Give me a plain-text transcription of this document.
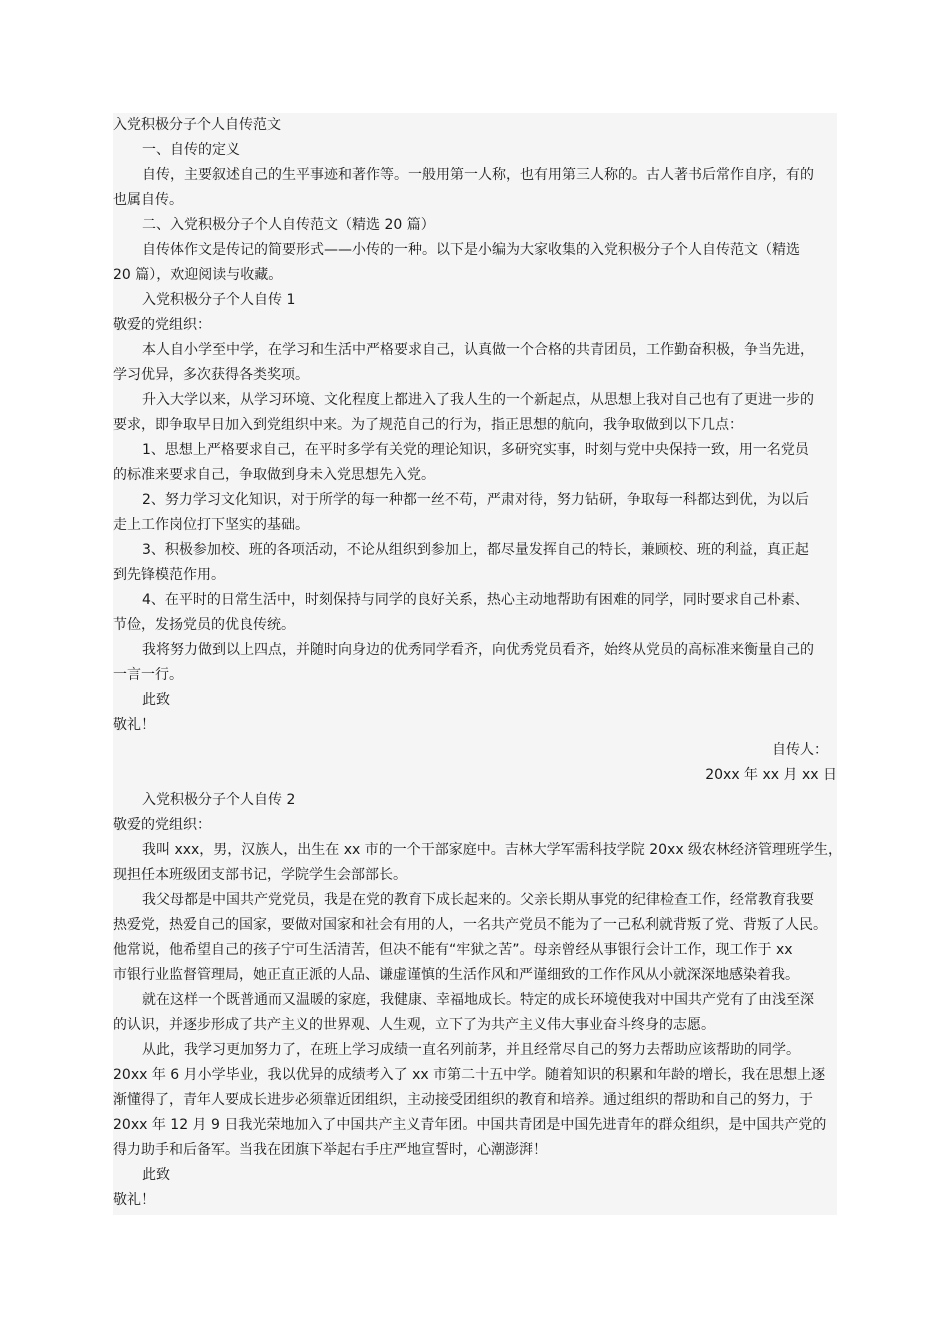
入党积极分子个人自传范文
一、自传的定义
自传，主要叙述自己的生平事迹和著作等。一般用第一人称，也有用第三人称的。古人著书后常作自序，有的
也属自传。
二、入党积极分子个人自传范文（精选 20 篇）
自传体作文是传记的简要形式——小传的一种。以下是小编为大家收集的入党积极分子个人自传范文（精选
20 篇），欢迎阅读与收藏。
入党积极分子个人自传 1
敬爱的党组织：
本人自小学至中学，在学习和生活中严格要求自己，认真做一个合格的共青团员，工作勤奋积极，争当先进，
学习优异，多次获得各类奖项。
升入大学以来，从学习环境、文化程度上都进入了我人生的一个新起点，从思想上我对自己也有了更进一步的
要求，即争取早日加入到党组织中来。为了规范自己的行为，指正思想的航向，我争取做到以下几点：
1、思想上严格要求自己，在平时多学有关党的理论知识，多研究实事，时刻与党中央保持一致，用一名党员
的标准来要求自己，争取做到身未入党思想先入党。
2、努力学习文化知识，对于所学的每一种都一丝不苟，严肃对待，努力钻研，争取每一科都达到优，为以后
走上工作岗位打下坚实的基础。
3、积极参加校、班的各项活动，不论从组织到参加上，都尽量发挥自己的特长，兼顾校、班的利益，真正起
到先锋模范作用。
4、在平时的日常生活中，时刻保持与同学的良好关系，热心主动地帮助有困难的同学，同时要求自己朴素、
节俭，发扬党员的优良传统。
我将努力做到以上四点，并随时向身边的优秀同学看齐，向优秀党员看齐，始终从党员的高标准来衡量自己的
一言一行。
此致
敬礼！
自传人：
20xx 年 xx 月 xx 日
入党积极分子个人自传 2
敬爱的党组织：
我叫 xxx，男，汉族人，出生在 xx 市的一个干部家庭中。吉林大学军需科技学院 20xx 级农林经济管理班学生，
现担任本班级团支部书记，学院学生会部部长。
我父母都是中国共产党党员，我是在党的教育下成长起来的。父亲长期从事党的纪律检查工作，经常教育我要
热爱党，热爱自己的国家，要做对国家和社会有用的人，一名共产党员不能为了一己私利就背叛了党、背叛了人民。
他常说，他希望自己的孩子宁可生活清苦，但决不能有“牢狱之苦”。母亲曾经从事银行会计工作，现工作于 xx
市银行业监督管理局，她正直正派的人品、谦虚谨慎的生活作风和严谨细致的工作作风从小就深深地感染着我。
就在这样一个既普通而又温暖的家庭，我健康、幸福地成长。特定的成长环境使我对中国共产党有了由浅至深
的认识，并逐步形成了共产主义的世界观、人生观，立下了为共产主义伟大事业奋斗终身的志愿。
从此，我学习更加努力了，在班上学习成绩一直名列前茅，并且经常尽自己的努力去帮助应该帮助的同学。
20xx 年 6 月小学毕业，我以优异的成绩考入了 xx 市第二十五中学。随着知识的积累和年龄的增长，我在思想上逐
渐懂得了，青年人要成长进步必须靠近团组织，主动接受团组织的教育和培养。通过组织的帮助和自己的努力，于
20xx 年 12 月 9 日我光荣地加入了中国共产主义青年团。中国共青团是中国先进青年的群众组织，是中国共产党的
得力助手和后备军。当我在团旗下举起右手庄严地宣誓时，心潮澎湃！
此致
敬礼！
